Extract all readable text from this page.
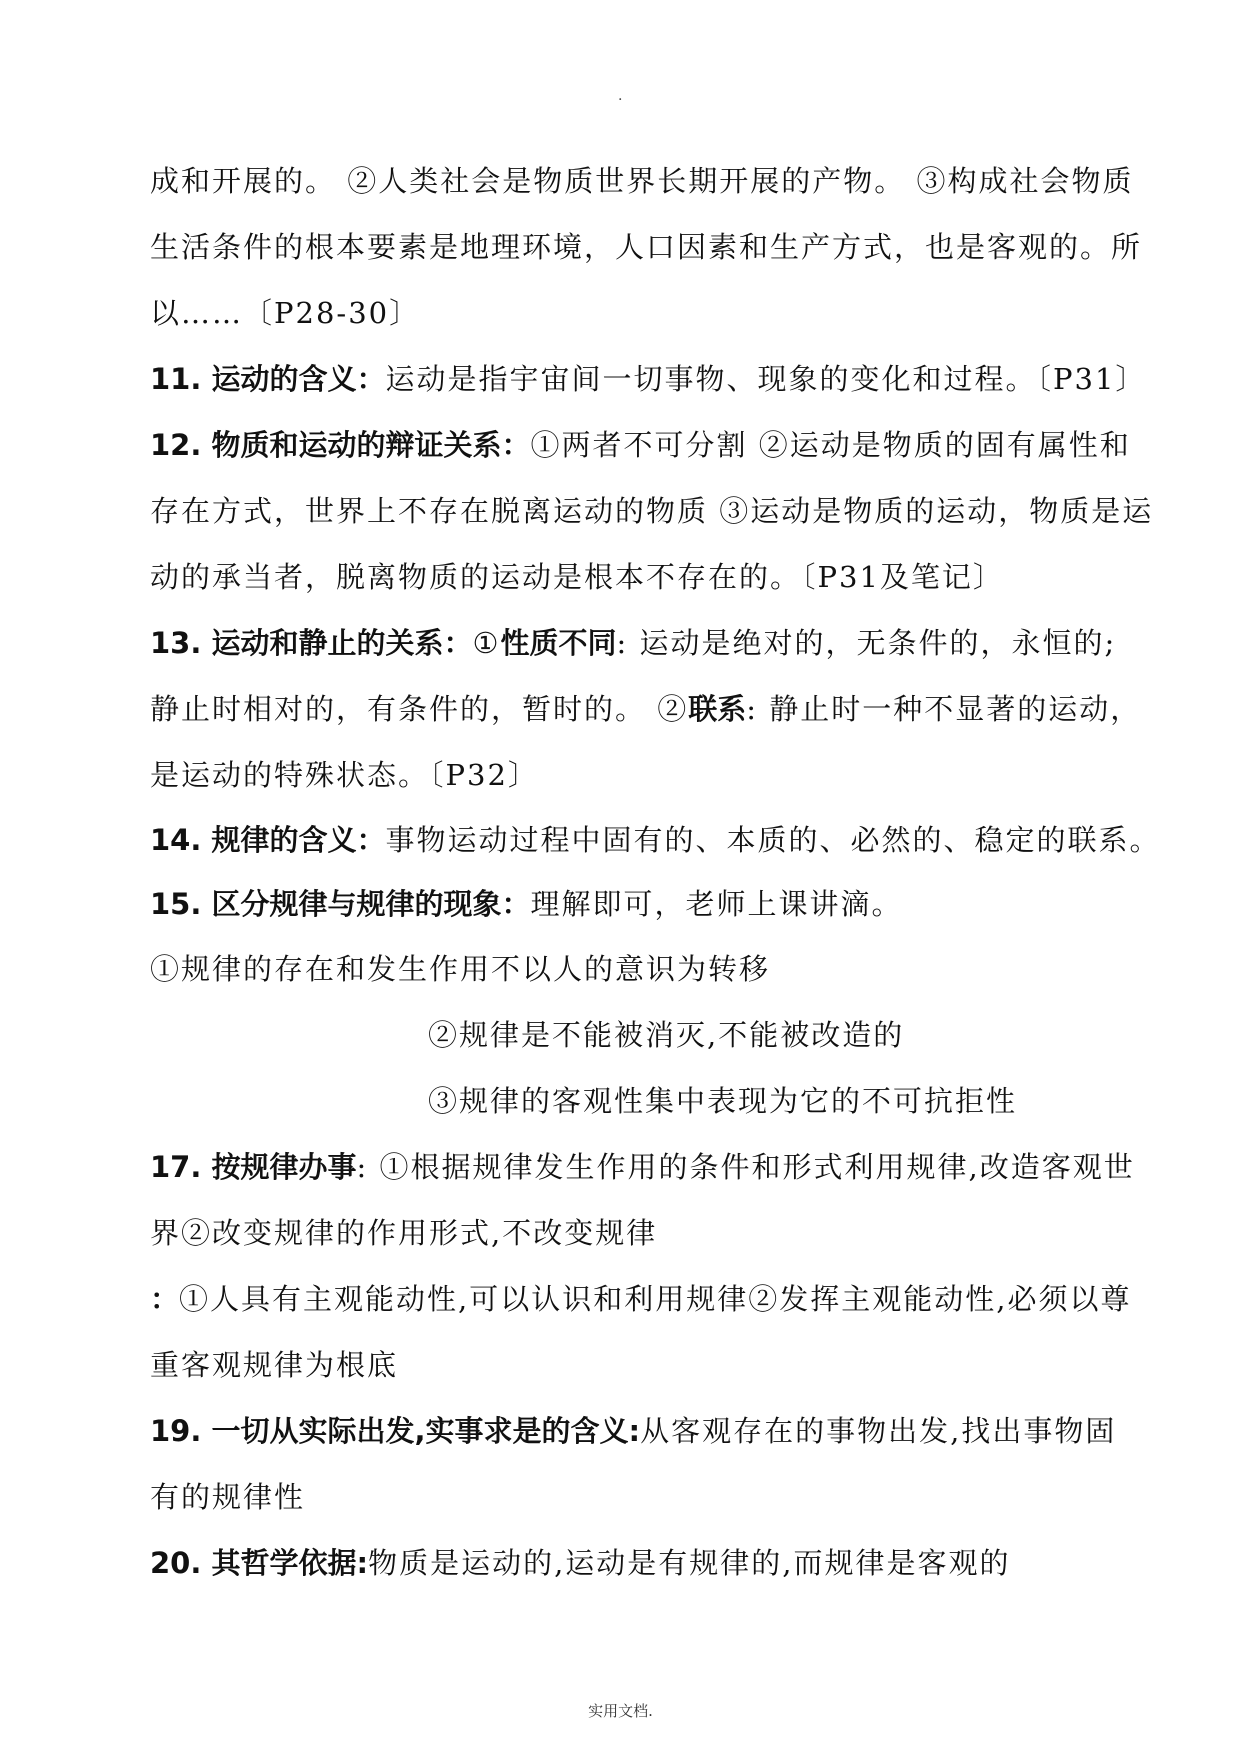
.
成和开展的。 ②人类社会是物质世界长期开展的产物。 ③构成社会物质
生活条件的根本要素是地理环境，人口因素和生产方式，也是客观的。所
以……〔P28-30〕
11. 运动的含义：运动是指宇宙间一切事物、现象的变化和过程。〔P31〕
12. 物质和运动的辩证关系：①两者不可分割 ②运动是物质的固有属性和
存在方式，世界上不存在脱离运动的物质 ③运动是物质的运动，物质是运
动的承当者，脱离物质的运动是根本不存在的。〔P31及笔记〕
13. 运动和静止的关系：①性质不同: 运动是绝对的，无条件的，永恒的;
静止时相对的，有条件的，暂时的。 ②联系: 静止时一种不显著的运动，
是运动的特殊状态。〔P32〕
14. 规律的含义：事物运动过程中固有的、本质的、必然的、稳定的联系。
15. 区分规律与规律的现象：理解即可，老师上课讲滴。
①规律的存在和发生作用不以人的意识为转移
②规律是不能被消灭,不能被改造的
③规律的客观性集中表现为它的不可抗拒性
17. 按规律办事: ①根据规律发生作用的条件和形式利用规律,改造客观世
界②改变规律的作用形式,不改变规律
：①人具有主观能动性,可以认识和利用规律②发挥主观能动性,必须以尊
重客观规律为根底
19. 一切从实际出发,实事求是的含义:从客观存在的事物出发,找出事物固
有的规律性
20. 其哲学依据:物质是运动的,运动是有规律的,而规律是客观的
实用文档.
